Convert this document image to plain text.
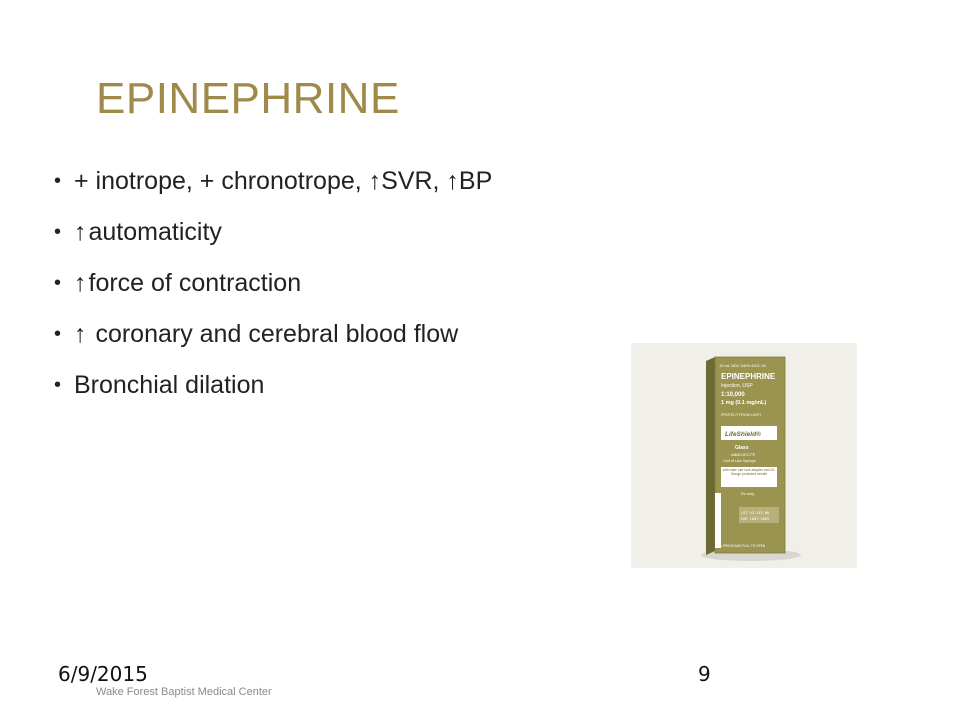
EPINEPHRINE
• + inotrope, + chronotrope, ↑SVR, ↑BP
• ↑ automaticity
• ↑ force of contraction
• ↑ coronary and cerebral blood flow
• Bronchial dilation
10 mL NDC 0409-4921-34
EPINEPHRINE
Injection, USP
1:10,000
1 mg (0.1 mg/mL)
PROTECT FROM LIGHT
LifeShield®
Glass
ABBOJECT®
Unit of Use Syringe
with male luer lock adapter and 20-Gauge protected needle
Rx only
LOT 43-345-BK
EXP 1007.2009
◄ PRESS AND PULL TO OPEN
6/9/2015	9
Wake Forest Baptist Medical Center
